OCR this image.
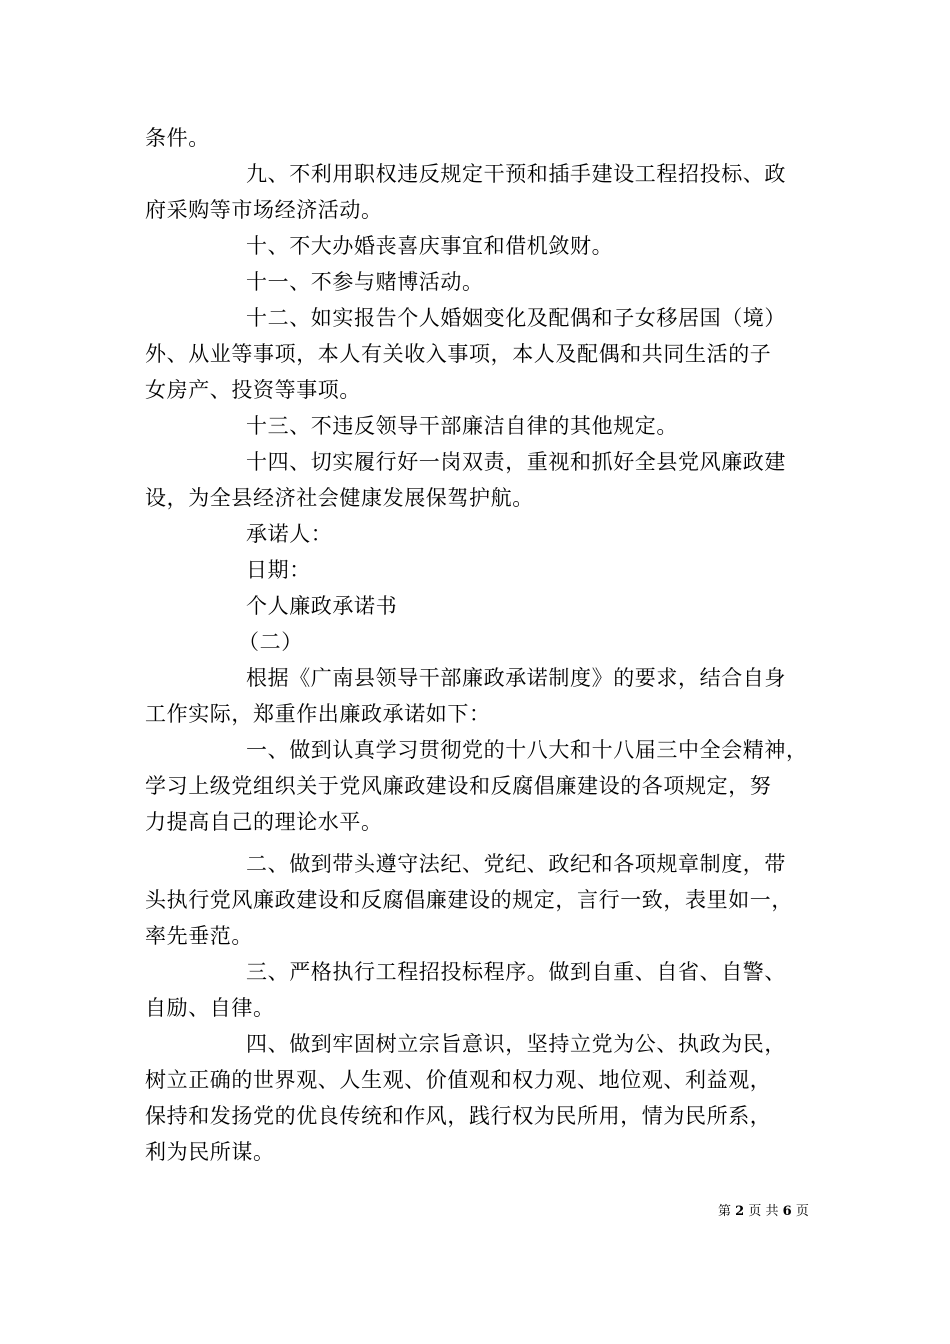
条件。
九、不利用职权违反规定干预和插手建设工程招投标、政
府采购等市场经济活动。
十、不大办婚丧喜庆事宜和借机敛财。
十一、不参与赌博活动。
十二、如实报告个人婚姻变化及配偶和子女移居国（境）
外、从业等事项，本人有关收入事项，本人及配偶和共同生活的子
女房产、投资等事项。
十三、不违反领导干部廉洁自律的其他规定。
十四、切实履行好一岗双责，重视和抓好全县党风廉政建
设，为全县经济社会健康发展保驾护航。
承诺人：
日期：
个人廉政承诺书
（二）
根据《广南县领导干部廉政承诺制度》的要求，结合自身
工作实际，郑重作出廉政承诺如下：
一、做到认真学习贯彻党的十八大和十八届三中全会精神，
学习上级党组织关于党风廉政建设和反腐倡廉建设的各项规定，努
力提高自己的理论水平。
二、做到带头遵守法纪、党纪、政纪和各项规章制度，带
头执行党风廉政建设和反腐倡廉建设的规定，言行一致，表里如一，
率先垂范。
三、严格执行工程招投标程序。做到自重、自省、自警、
自励、自律。
四、做到牢固树立宗旨意识，坚持立党为公、执政为民，
树立正确的世界观、人生观、价值观和权力观、地位观、利益观，
保持和发扬党的优良传统和作风，践行权为民所用，情为民所系，
利为民所谋。
第 2 页 共 6 页
